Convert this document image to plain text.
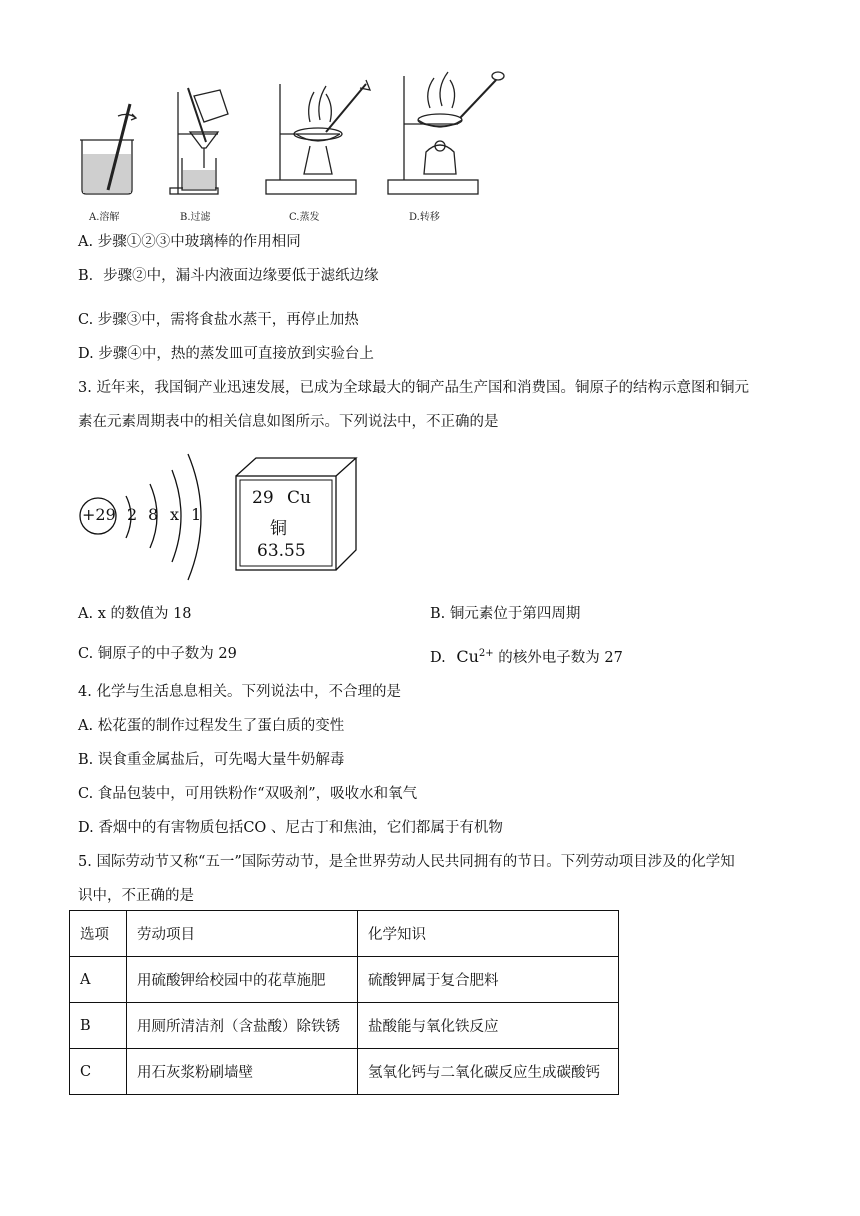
A.溶解	B.过滤	C.蒸发	D.转移
A. 步骤①②③中玻璃棒的作用相同
B．步骤②中，漏斗内液面边缘要低于滤纸边缘
C. 步骤③中，需将食盐水蒸干，再停止加热
D. 步骤④中，热的蒸发皿可直接放到实验台上
3. 近年来，我国铜产业迅速发展，已成为全球最大的铜产品生产国和消费国。铜原子的结构示意图和铜元
素在元素周期表中的相关信息如图所示。下列说法中，不正确的是
+29 2 8 x 1
29 Cu
铜
63.55
A. x 的数值为 18	B. 铜元素位于第四周期
C. 铜原子的中子数为 29	D. $Cu^{2+}$ 的核外电子数为 27
4. 化学与生活息息相关。下列说法中，不合理的是
A. 松花蛋的制作过程发生了蛋白质的变性
B. 误食重金属盐后，可先喝大量牛奶解毒
C. 食品包装中，可用铁粉作“双吸剂”，吸收水和氧气
D. 香烟中的有害物质包括CO 、尼古丁和焦油，它们都属于有机物
5. 国际劳动节又称“五一”国际劳动节，是全世界劳动人民共同拥有的节日。下列劳动项目涉及的化学知
识中，不正确的是
选项	劳动项目	化学知识
A	用硫酸钾给校园中的花草施肥	硫酸钾属于复合肥料
B	用厕所清洁剂（含盐酸）除铁锈	盐酸能与氧化铁反应
C	用石灰浆粉刷墙壁	氢氧化钙与二氧化碳反应生成碳酸钙
